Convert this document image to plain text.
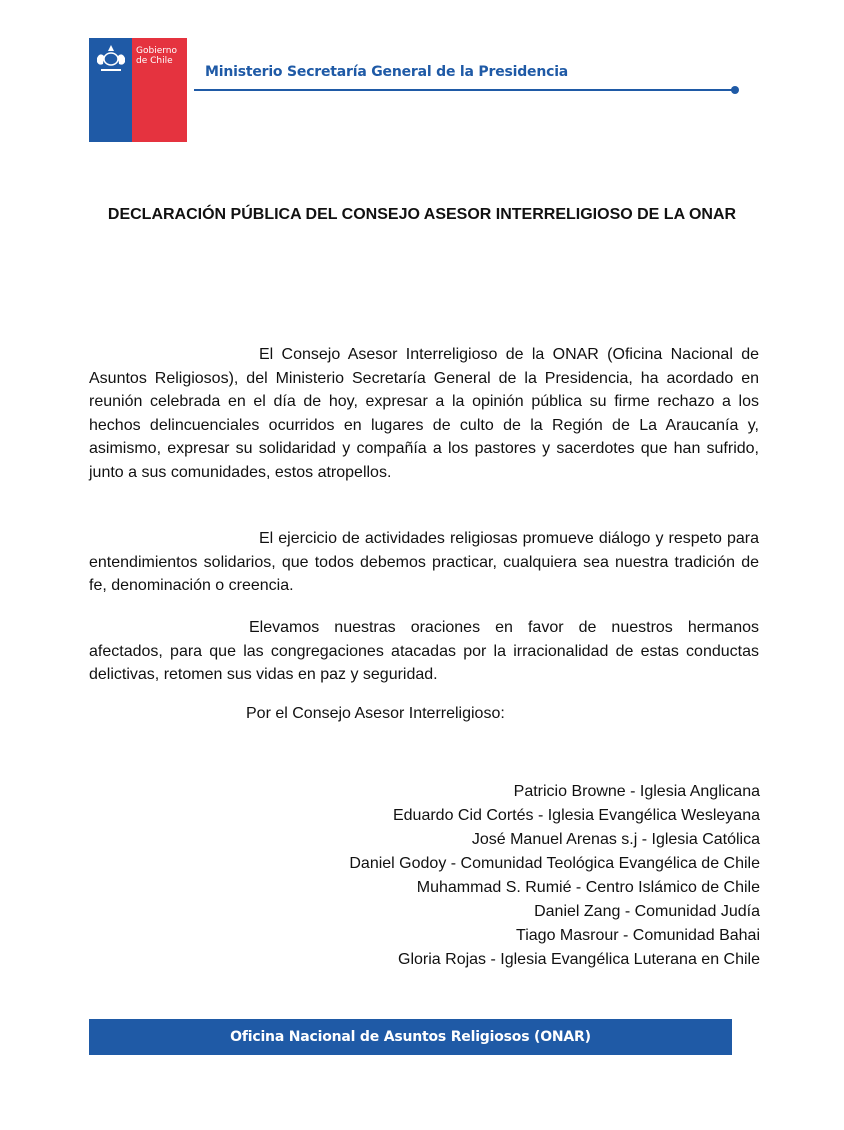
Gobierno de Chile
Ministerio Secretaría General de la Presidencia
DECLARACIÓN PÚBLICA DEL CONSEJO ASESOR INTERRELIGIOSO DE LA ONAR

El Consejo Asesor Interreligioso de la ONAR (Oficina Nacional de Asuntos Religiosos), del Ministerio Secretaría General de la Presidencia, ha acordado en reunión celebrada en el día de hoy, expresar a la opinión pública su firme rechazo a los hechos delincuenciales ocurridos en lugares de culto de la Región de La Araucanía y, asimismo, expresar su solidaridad y compañía a los pastores y sacerdotes que han sufrido, junto a sus comunidades, estos atropellos.

El ejercicio de actividades religiosas promueve diálogo y respeto para entendimientos solidarios, que todos debemos practicar, cualquiera sea nuestra tradición de fe, denominación o creencia.

Elevamos nuestras oraciones en favor de nuestros hermanos afectados, para que las congregaciones atacadas por la irracionalidad de estas conductas delictivas, retomen sus vidas en paz y seguridad.

Por el Consejo Asesor Interreligioso:
Patricio Browne - Iglesia Anglicana
Eduardo Cid Cortés - Iglesia Evangélica Wesleyana
José Manuel Arenas s.j - Iglesia Católica
Daniel Godoy - Comunidad Teológica Evangélica de Chile
Muhammad S. Rumié - Centro Islámico de Chile
Daniel Zang - Comunidad Judía
Tiago Masrour - Comunidad Bahai
Gloria Rojas - Iglesia Evangélica Luterana en Chile
Oficina Nacional de Asuntos Religiosos (ONAR)
